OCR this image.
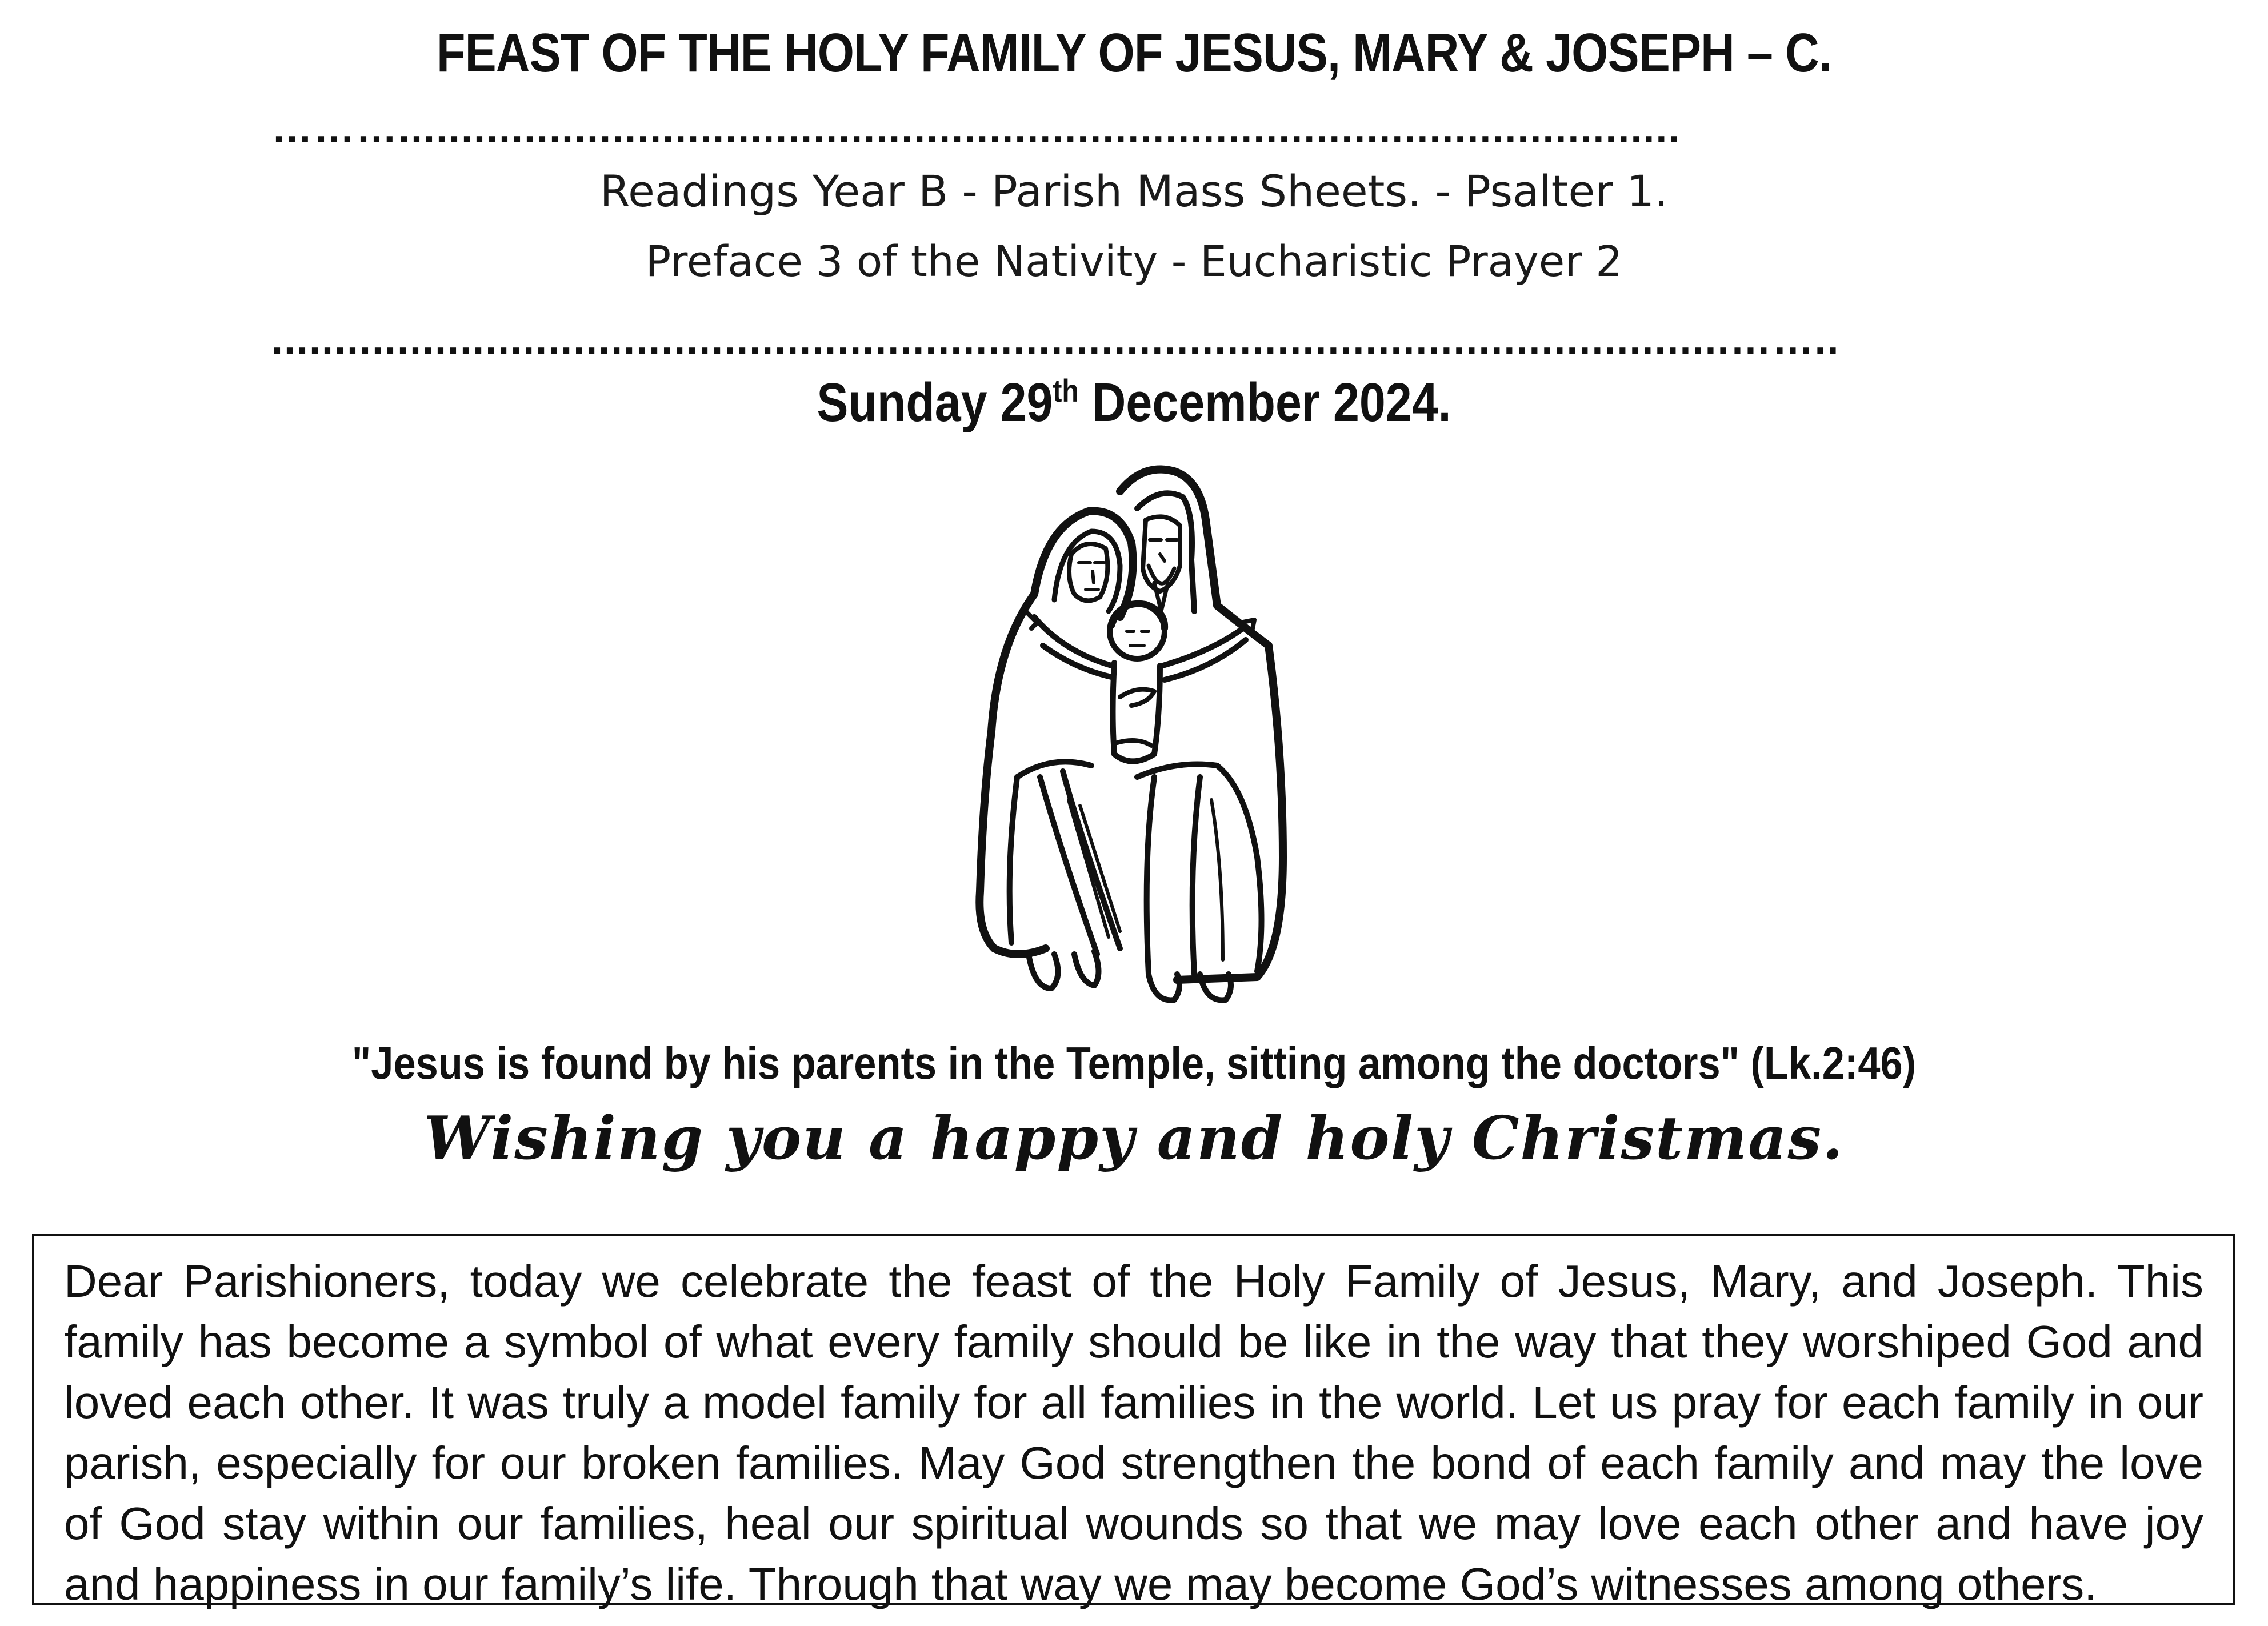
FEAST OF THE HOLY FAMILY OF JESUS, MARY & JOSEPH – C.
………......................................................................................................
Readings Year B - Parish Mass Sheets. - Psalter 1.
Preface 3 of the Nativity - Eucharistic Prayer 2
....................................................................................................................……..
Sunday 29th December 2024.
"Jesus is found by his parents in the Temple, sitting among the doctors" (Lk.2:46)
Wishing you a happy and holy Christmas.

Dear Parishioners, today we celebrate the feast of the Holy Family of Jesus, Mary, and Joseph. This family has become a symbol of what every family should be like in the way that they worshiped God and loved each other. It was truly a model family for all families in the world. Let us pray for each family in our parish, especially for our broken families. May God strengthen the bond of each family and may the love of God stay within our families, heal our spiritual wounds so that we may love each other and have joy and happiness in our family’s life. Through that way we may become God’s witnesses among others.
